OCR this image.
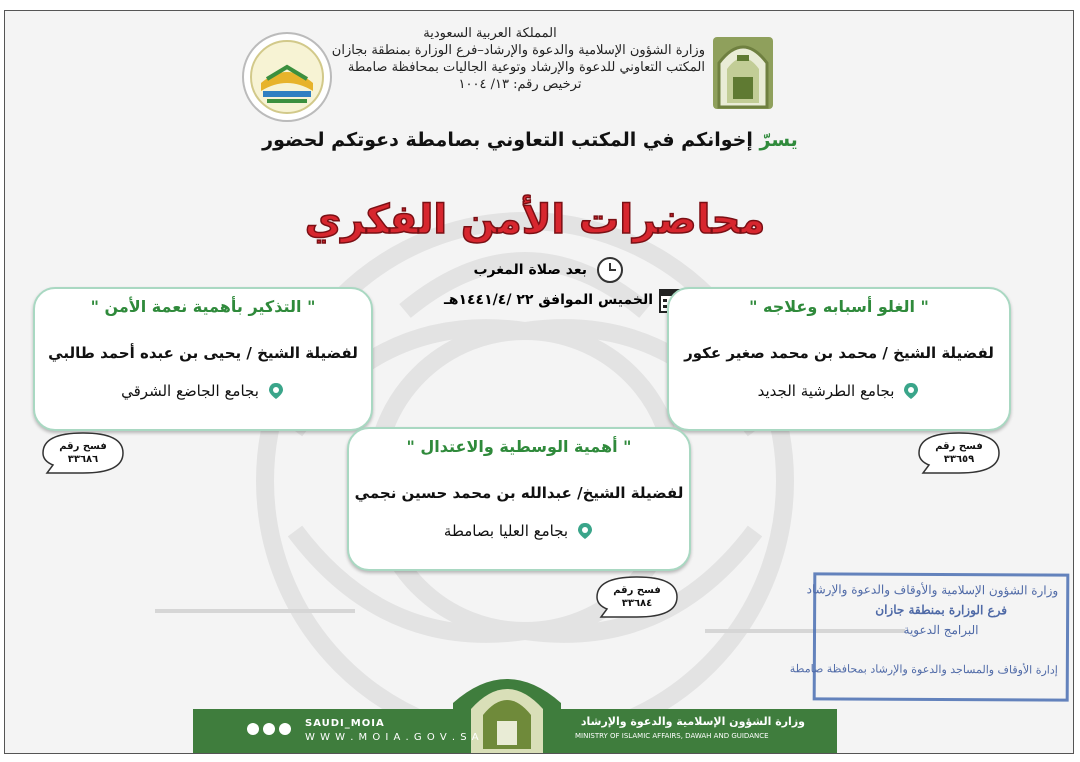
المملكة العربية السعودية
وزارة الشؤون الإسلامية والدعوة والإرشاد–فرع الوزارة بمنطقة بجازان
المكتب التعاوني للدعوة والإرشاد وتوعية الجاليات بمحافظة صامطة
ترخيص رقم: ١٣/ ١٠٠٤
يسرّ إخوانكم في المكتب التعاوني بصامطة دعوتكم لحضور
محاضرات الأمن الفكري
بعد صلاة المغرب
الخميس الموافق ٢٢ /١٤٤١/٤هـ	" الغلو أسبابه وعلاجه "
لفضيلة الشيخ / محمد بن محمد صغير عكور
بجامع الطرشية الجديد
" التذكير بأهمية نعمة الأمن "
لفضيلة الشيخ / يحيى بن عبده أحمد طالبي
بجامع الجاضع الشرقي
" أهمية الوسطية والاعتدال "
لفضيلة الشيخ/ عبدالله بن محمد حسين نجمي
بجامع العليا بصامطة
فسح رقم
٣٣٦٥٩
فسح رقم
٣٣٦٨٦
فسح رقم
٣٣٦٨٤
وزارة الشؤون الإسلامية والأوقاف والدعوة والإرشاد
فرع الوزارة بمنطقة جازان
البرامج الدعوية
إدارة الأوقاف والمساجد والدعوة والإرشاد بمحافظة صامطة
SAUDI_MOIA
W W W . M O I A . G O V . S A
وزارة الشؤون الإسلامية والدعوة والإرشاد
MINISTRY OF ISLAMIC AFFAIRS, DAWAH AND GUIDANCE
